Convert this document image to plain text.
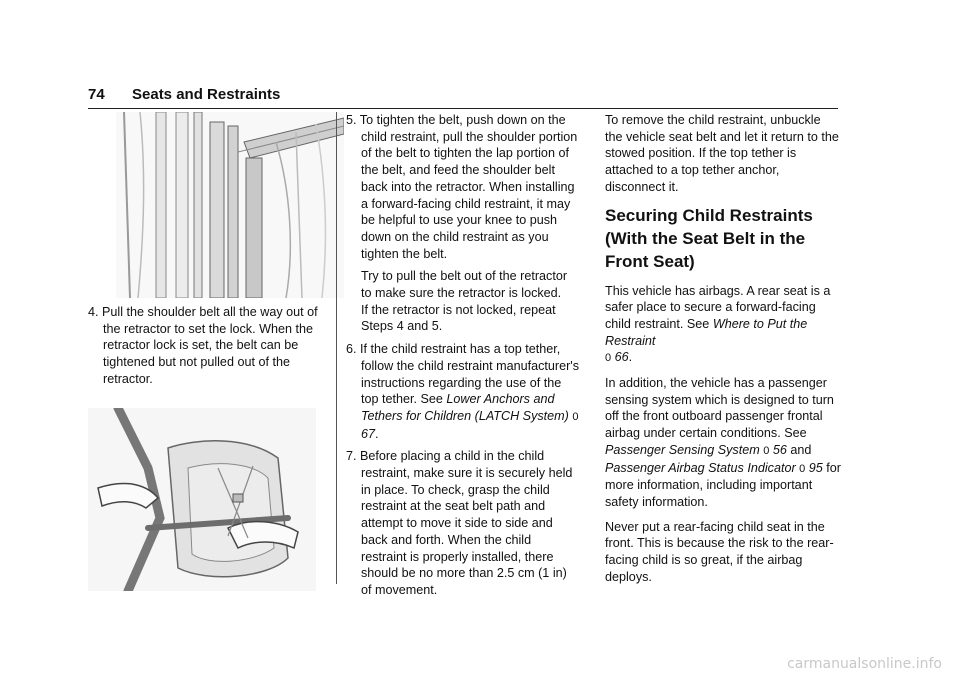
74 Seats and Restraints

4. Pull the shoulder belt all the way out of the retractor to set the lock. When the retractor lock is set, the belt can be tightened but not pulled out of the retractor.

5. To tighten the belt, push down on the child restraint, pull the shoulder portion of the belt to tighten the lap portion of the belt, and feed the shoulder belt back into the retractor. When installing a forward-facing child restraint, it may be helpful to use your knee to push down on the child restraint as you tighten the belt.

Try to pull the belt out of the retractor to make sure the retractor is locked.
If the retractor is not locked, repeat Steps 4 and 5.

6. If the child restraint has a top tether, follow the child restraint manufacturer's instructions regarding the use of the top tether. See Lower Anchors and Tethers for Children (LATCH System) 0 67.

7. Before placing a child in the child restraint, make sure it is securely held in place. To check, grasp the child restraint at the seat belt path and attempt to move it side to side and back and forth. When the child restraint is properly installed, there should be no more than 2.5 cm (1 in) of movement.

To remove the child restraint, unbuckle the vehicle seat belt and let it return to the stowed position. If the top tether is attached to a top tether anchor, disconnect it.

Securing Child Restraints (With the Seat Belt in the Front Seat)

This vehicle has airbags. A rear seat is a safer place to secure a forward-facing child restraint. See Where to Put the Restraint
0 66.

In addition, the vehicle has a passenger sensing system which is designed to turn off the front outboard passenger frontal airbag under certain conditions. See Passenger Sensing System 0 56 and Passenger Airbag Status Indicator 0 95 for more information, including important safety information.

Never put a rear-facing child seat in the front. This is because the risk to the rear-facing child is so great, if the airbag deploys.

carmanualsonline.info
